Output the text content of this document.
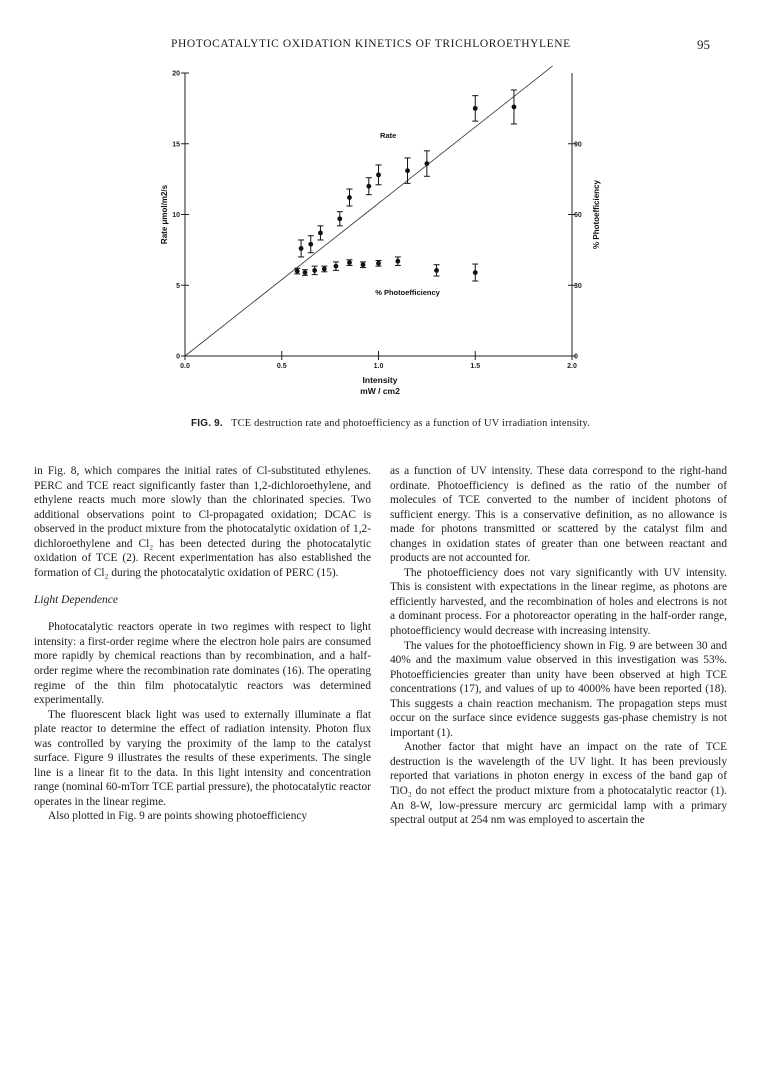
PHOTOCATALYTIC OXIDATION KINETICS OF TRICHLOROETHYLENE	95
0.0	0.5	1.0	1.5	2.0
0
5
10
15
20
0
30
60
90
Intensity
mW / cm2
Rate μmol/m2/s	% Photoefficiency
Rate
% Photoefficiency
FIG. 9. TCE destruction rate and photoefficiency as a function of UV irradiation intensity.

in Fig. 8, which compares the initial rates of Cl-substituted ethylenes. PERC and TCE react significantly faster than 1,2-dichloroethylene, and ethylene reacts much more slowly than the chlorinated species. Two additional observations point to Cl-propagated oxidation; DCAC is observed in the product mixture from the photocatalytic oxidation of 1,2-dichloroethylene and Cl₂ has been detected during the photocatalytic oxidation of TCE (2). Recent experimentation has also established the formation of Cl₂ during the photocatalytic oxidation of PERC (15).

Light Dependence

Photocatalytic reactors operate in two regimes with respect to light intensity: a first-order regime where the electron hole pairs are consumed more rapidly by chemical reactions than by recombination, and a half-order regime where the recombination rate dominates (16). The operating regime of the thin film photocatalytic reactors was determined experimentally.

The fluorescent black light was used to externally illuminate a flat plate reactor to determine the effect of radiation intensity. Photon flux was controlled by varying the proximity of the lamp to the catalyst surface. Figure 9 illustrates the results of these experiments. The single line is a linear fit to the data. In this light intensity and concentration range (nominal 60-mTorr TCE partial pressure), the photocatalytic reactor operates in the linear regime.

Also plotted in Fig. 9 are points showing photoefficiency

as a function of UV intensity. These data correspond to the right-hand ordinate. Photoefficiency is defined as the ratio of the number of molecules of TCE converted to the number of incident photons of sufficient energy. This is a conservative definition, as no allowance is made for photons transmitted or scattered by the catalyst film and changes in oxidation states of greater than one between reactant and products are not accounted for.

The photoefficiency does not vary significantly with UV intensity. This is consistent with expectations in the linear regime, as photons are efficiently harvested, and the recombination of holes and electrons is not a dominant process. For a photoreactor operating in the half-order range, photoefficiency would decrease with increasing intensity.

The values for the photoefficiency shown in Fig. 9 are between 30 and 40% and the maximum value observed in this investigation was 53%. Photoefficiencies greater than unity have been observed at high TCE concentrations (17), and values of up to 4000% have been reported (18). This suggests a chain reaction mechanism. The propagation steps must occur on the surface since evidence suggests gas-phase chemistry is not important (1).

Another factor that might have an impact on the rate of TCE destruction is the wavelength of the UV light. It has been previously reported that variations in photon energy in excess of the band gap of TiO₂ do not effect the product mixture from a photocatalytic reactor (1). An 8-W, low-pressure mercury arc germicidal lamp with a primary spectral output at 254 nm was employed to ascertain the
